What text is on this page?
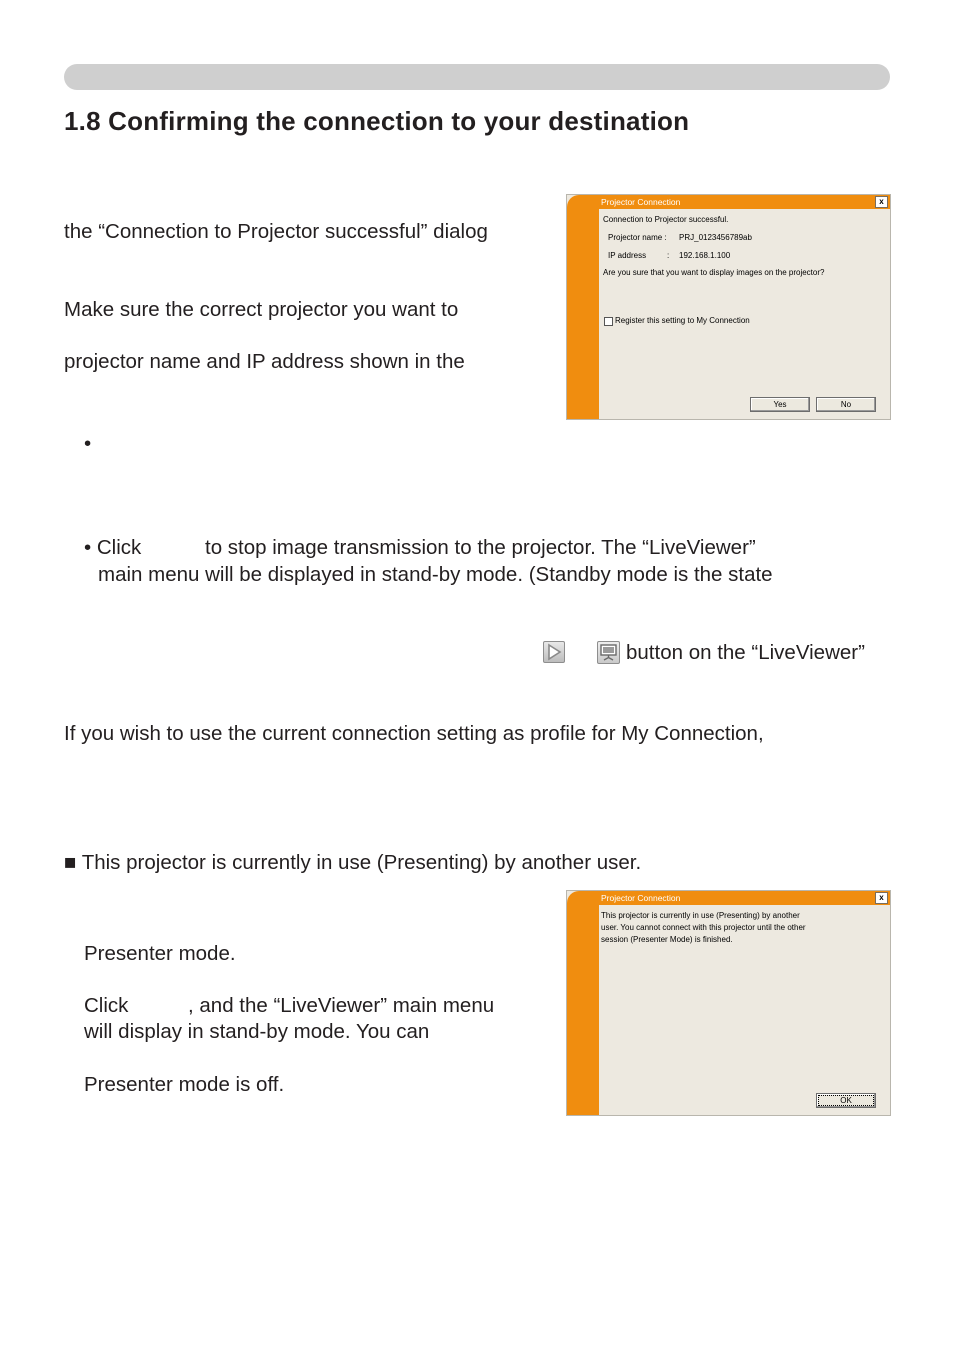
1.8 Confirming the connection to your destination
the “Connection to Projector successful” dialog
Make sure the correct projector you want to
projector name and IP address shown in the
Projector Connection	x
Connection to Projector successful.
Projector name : PRJ_0123456789ab
IP address	: 192.168.1.100
Are you sure that you want to display images on the projector?
Register this setting to My Connection
Yes	No
•
• Click	to stop image transmission to the projector. The “LiveViewer”
main menu will be displayed in stand-by mode. (Standby mode is the state
button on the “LiveViewer”
If you wish to use the current connection setting as profile for My Connection,
■ This projector is currently in use (Presenting) by another user.
Presenter mode.
Click	, and the “LiveViewer” main menu
will display in stand-by mode. You can
Presenter mode is off.
Projector Connection	x
This projector is currently in use (Presenting) by another
user. You cannot connect with this projector until the other
session (Presenter Mode) is finished.
OK
